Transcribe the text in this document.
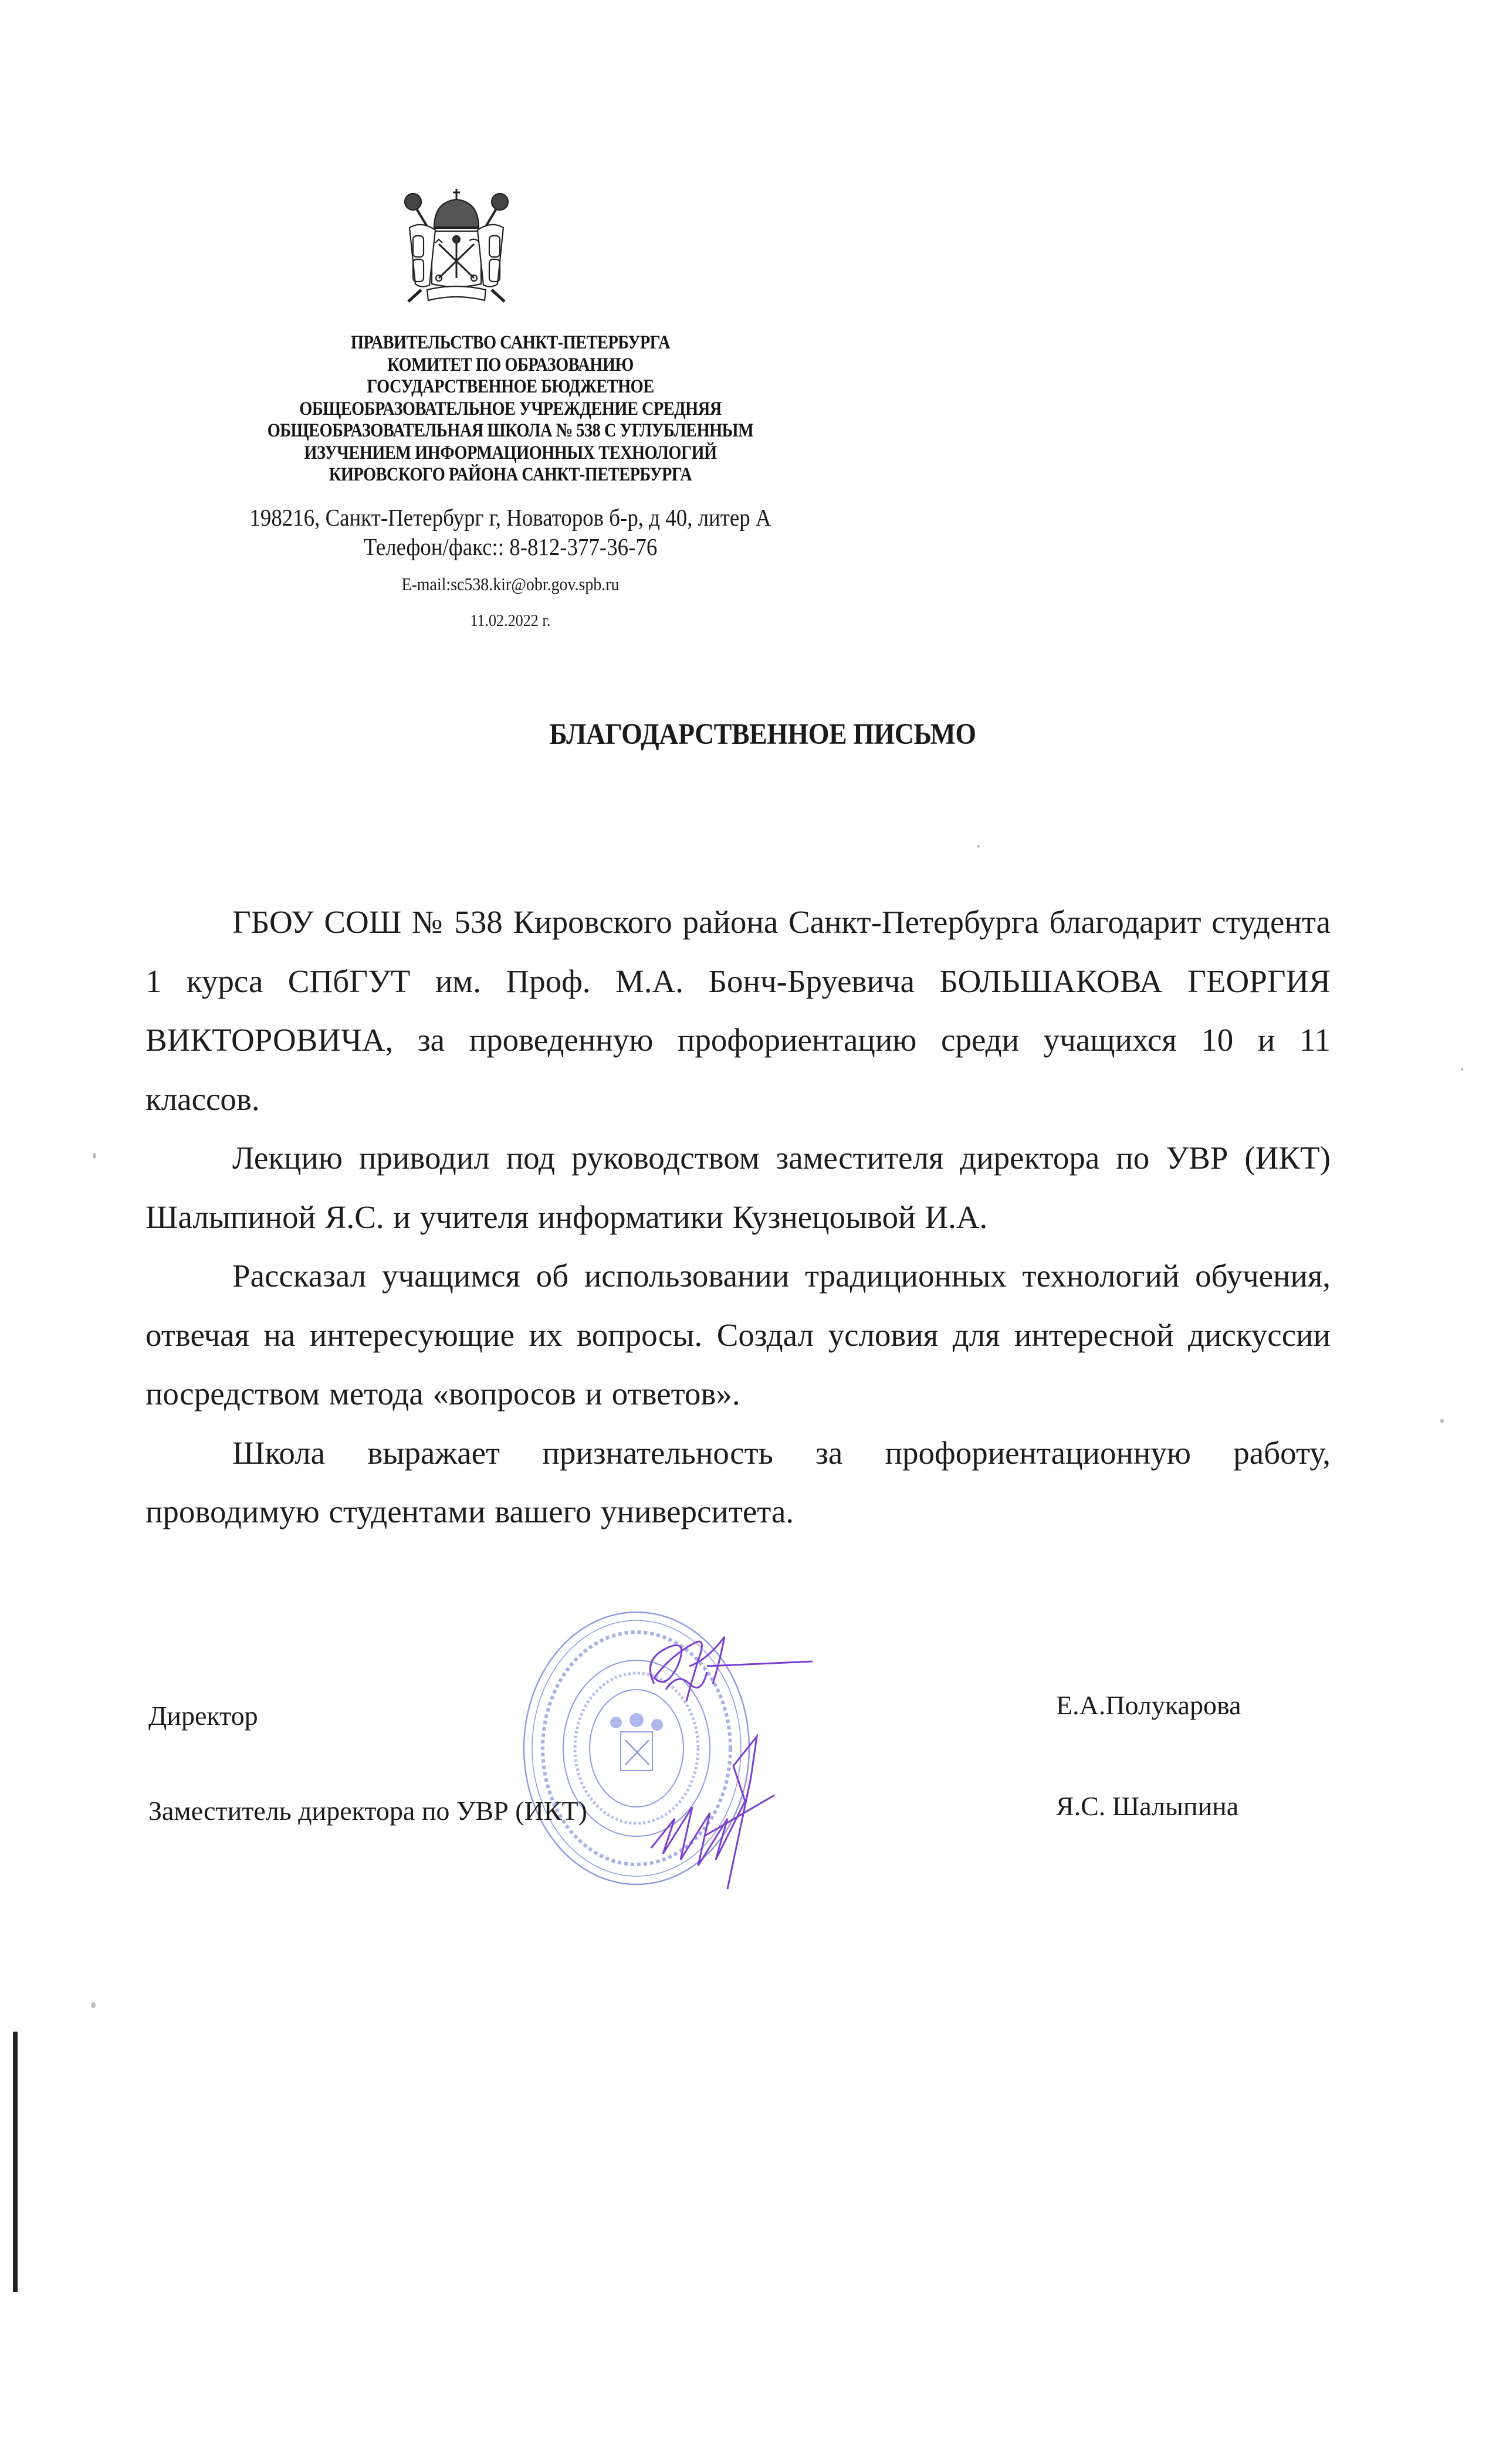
ПРАВИТЕЛЬСТВО САНКТ-ПЕТЕРБУРГА
КОМИТЕТ ПО ОБРАЗОВАНИЮ
ГОСУДАРСТВЕННОЕ БЮДЖЕТНОЕ
ОБЩЕОБРАЗОВАТЕЛЬНОЕ УЧРЕЖДЕНИЕ СРЕДНЯЯ
ОБЩЕОБРАЗОВАТЕЛЬНАЯ ШКОЛА № 538 С УГЛУБЛЕННЫМ
ИЗУЧЕНИЕМ ИНФОРМАЦИОННЫХ ТЕХНОЛОГИЙ
КИРОВСКОГО РАЙОНА САНКТ-ПЕТЕРБУРГА
198216, Санкт-Петербург г, Новаторов б-р, д 40, литер А
Телефон/факс:: 8-812-377-36-76
E-mail:sc538.kir@obr.gov.spb.ru
11.02.2022 г.
БЛАГОДАРСТВЕННОЕ ПИСЬМО

ГБОУ СОШ № 538 Кировского района Санкт-Петербурга благодарит студента 1 курса СПбГУТ им. Проф. М.А. Бонч-Бруевича БОЛЬШАКОВА ГЕОРГИЯ ВИКТОРОВИЧА, за проведенную профориентацию среди учащихся 10 и 11 классов.

Лекцию приводил под руководством заместителя директора по УВР (ИКТ) Шалыпиной Я.С. и учителя информатики Кузнецоывой И.А.

Рассказал учащимся об использовании традиционных технологий обучения, отвечая на интересующие их вопросы. Создал условия для интересной дискуссии посредством метода «вопросов и ответов».

Школа выражает признательность за профориентационную работу, проводимую студентами вашего университета.

Директор	Е.А.Полукарова
Заместитель директора по УВР (ИКТ)	Я.С. Шалыпина
